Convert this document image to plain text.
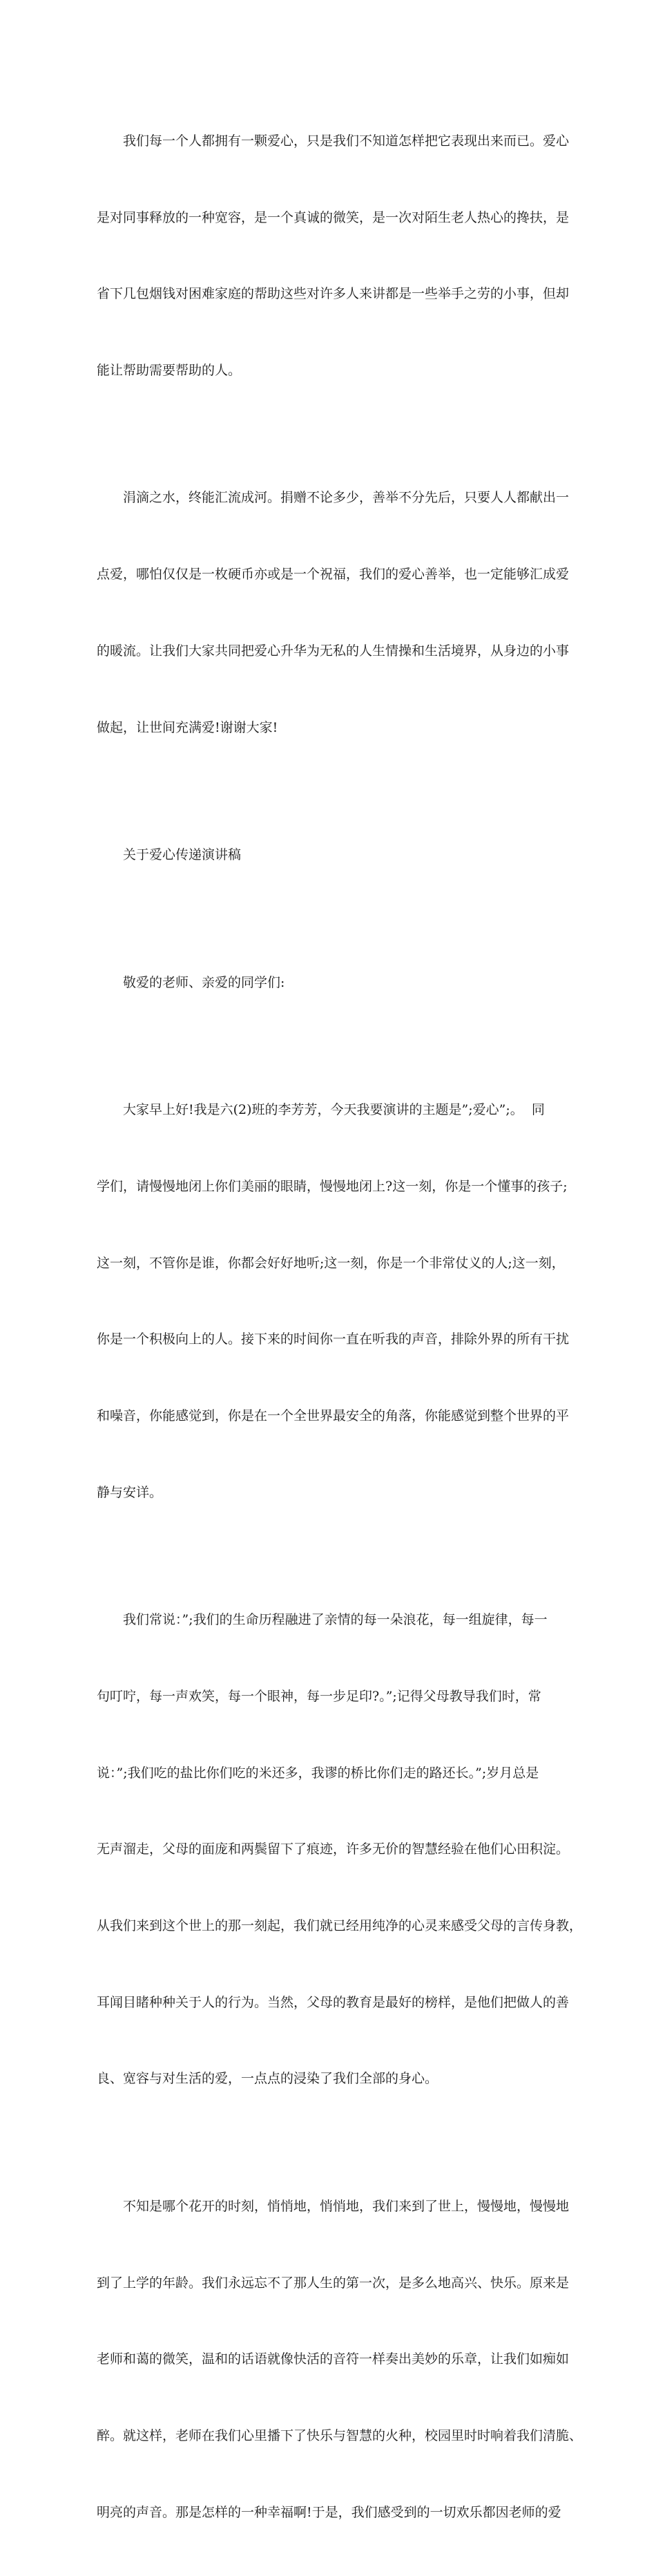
我们每一个人都拥有一颗爱心，只是我们不知道怎样把它表现出来而已。爱心

是对同事释放的一种宽容，是一个真诚的微笑，是一次对陌生老人热心的搀扶，是

省下几包烟钱对困难家庭的帮助这些对许多人来讲都是一些举手之劳的小事，但却

能让帮助需要帮助的人。

涓滴之水，终能汇流成河。捐赠不论多少，善举不分先后，只要人人都献出一

点爱，哪怕仅仅是一枚硬币亦或是一个祝福，我们的爱心善举，也一定能够汇成爱

的暖流。让我们大家共同把爱心升华为无私的人生情操和生活境界，从身边的小事

做起，让世间充满爱!谢谢大家!

关于爱心传递演讲稿

敬爱的老师、亲爱的同学们:

大家早上好!我是六(2)班的李芳芳，今天我要演讲的主题是”;爱心”;。  同

学们，请慢慢地闭上你们美丽的眼睛，慢慢地闭上?这一刻，你是一个懂事的孩子;

这一刻，不管你是谁，你都会好好地听;这一刻，你是一个非常仗义的人;这一刻，

你是一个积极向上的人。接下来的时间你一直在听我的声音，排除外界的所有干扰

和噪音，你能感觉到，你是在一个全世界最安全的角落，你能感觉到整个世界的平

静与安详。

我们常说：”;我们的生命历程融进了亲情的每一朵浪花，每一组旋律，每一

句叮咛，每一声欢笑，每一个眼神，每一步足印?。”;记得父母教导我们时，常

说：”;我们吃的盐比你们吃的米还多，我谬的桥比你们走的路还长。”;岁月总是

无声溜走，父母的面庞和两鬓留下了痕迹，许多无价的智慧经验在他们心田积淀。

从我们来到这个世上的那一刻起，我们就已经用纯净的心灵来感受父母的言传身教，

耳闻目睹种种关于人的行为。当然，父母的教育是最好的榜样，是他们把做人的善

良、宽容与对生活的爱，一点点的浸染了我们全部的身心。

不知是哪个花开的时刻，悄悄地，悄悄地，我们来到了世上，慢慢地，慢慢地

到了上学的年龄。我们永远忘不了那人生的第一次，是多么地高兴、快乐。原来是

老师和蔼的微笑，温和的话语就像快活的音符一样奏出美妙的乐章，让我们如痴如

醉。就这样，老师在我们心里播下了快乐与智慧的火种，校园里时时响着我们清脆、

明亮的声音。那是怎样的一种幸福啊!于是，我们感受到的一切欢乐都因老师的爱
